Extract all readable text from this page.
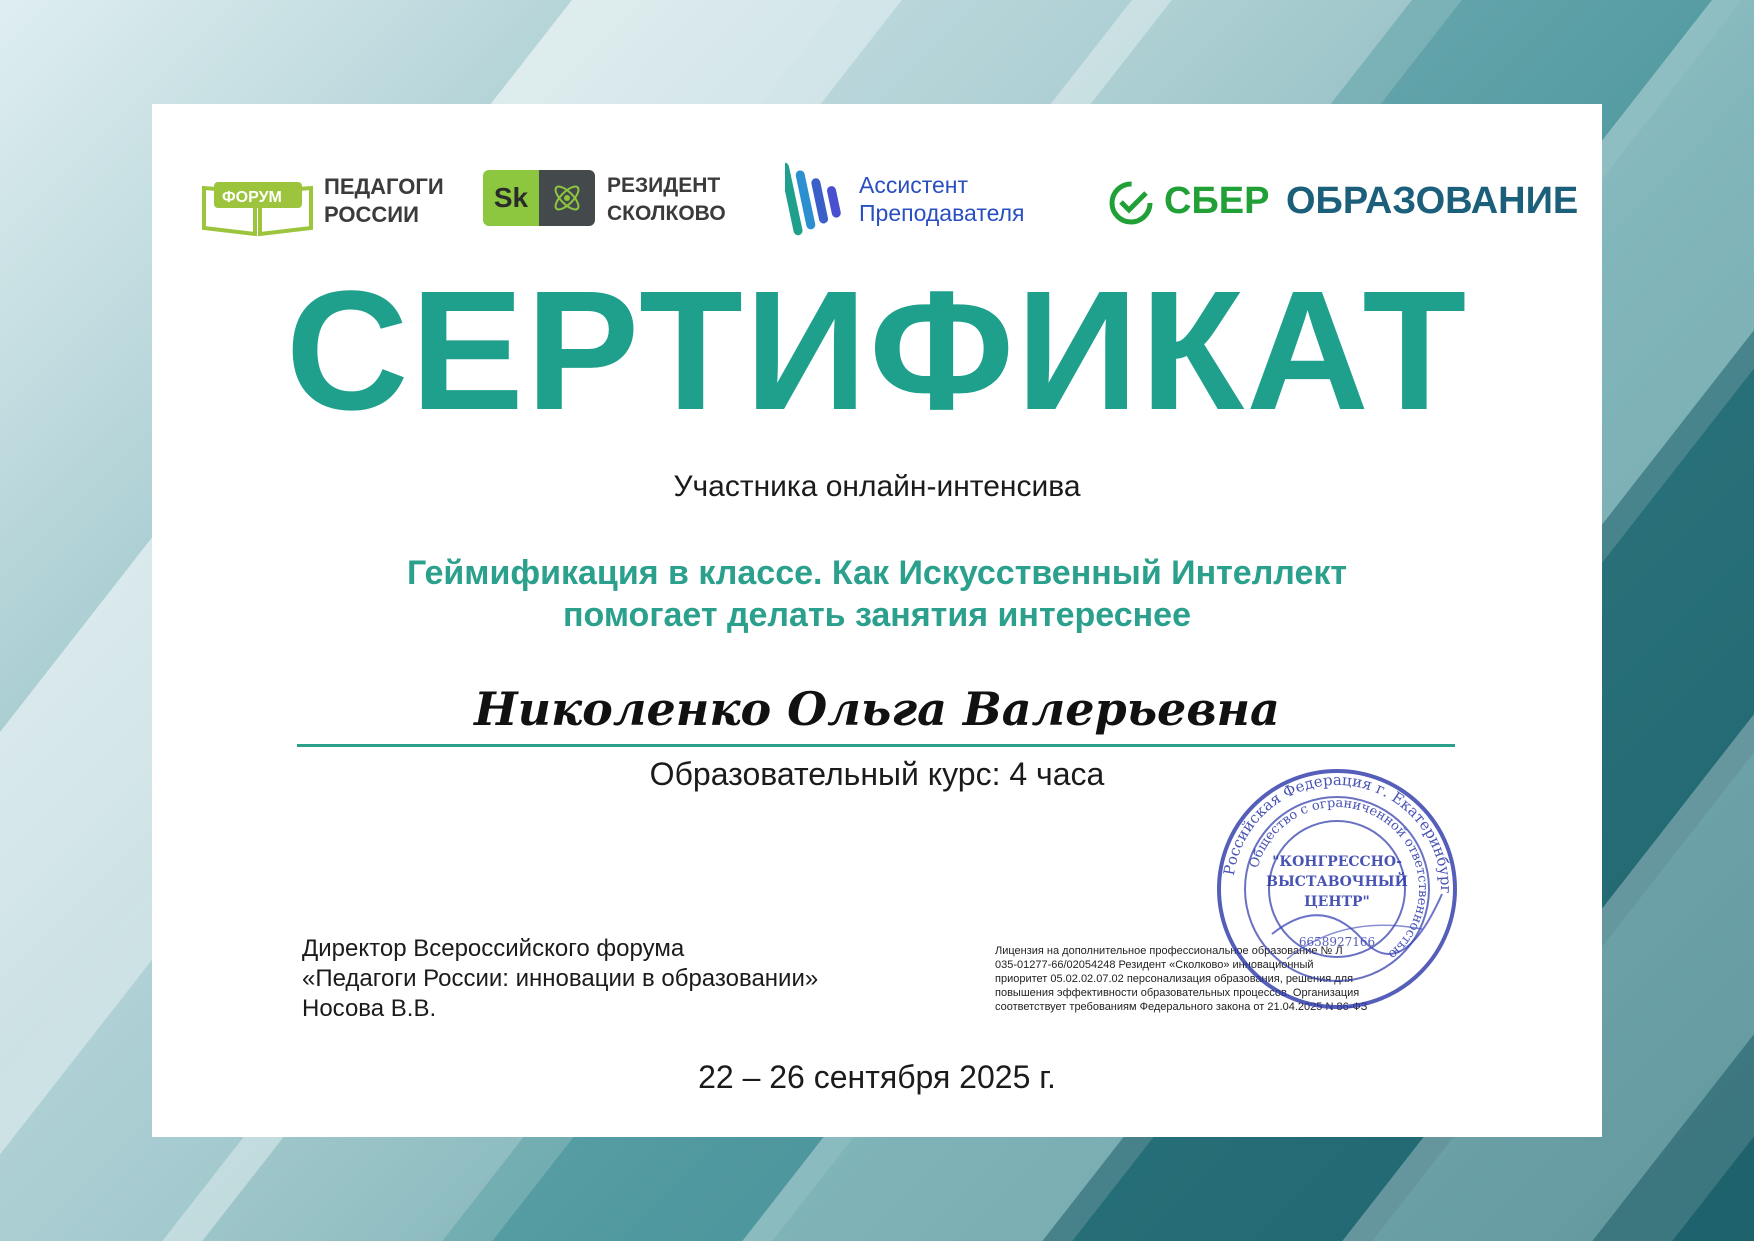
ФОРУМ ПЕДАГОГИ
РОССИИ
Sk	РЕЗИДЕНТ
СКОЛКОВО
Ассистент
Преподавателя	СБЕР ОБРАЗОВАНИЕ
СЕРТИФИКАТ
Участника онлайн-интенсива
Геймификация в классе. Как Искусственный Интеллект
помогает делать занятия интереснее
Николенко Ольга Валерьевна
Образовательный курс: 4 часа
Директор Всероссийского форума
«Педагоги России: инновации в образовании»
Носова В.В.
Лицензия на дополнительное профессиональное образование № Л
035-01277-66/02054248 Резидент «Сколково» инновационный
приоритет 05.02.02.07.02 персонализация образования, решения для
повышения эффективности образовательных процессов. Организация
соответствует требованиям Федерального закона от 21.04.2025 N 86-ФЗ
Российская Федерация г. Екатеринбург
Общество с ограниченной ответственностью
"КОНГРЕССНО-
ВЫСТАВОЧНЫЙ
ЦЕНТР"
6658927166
22 – 26 сентября 2025 г.
